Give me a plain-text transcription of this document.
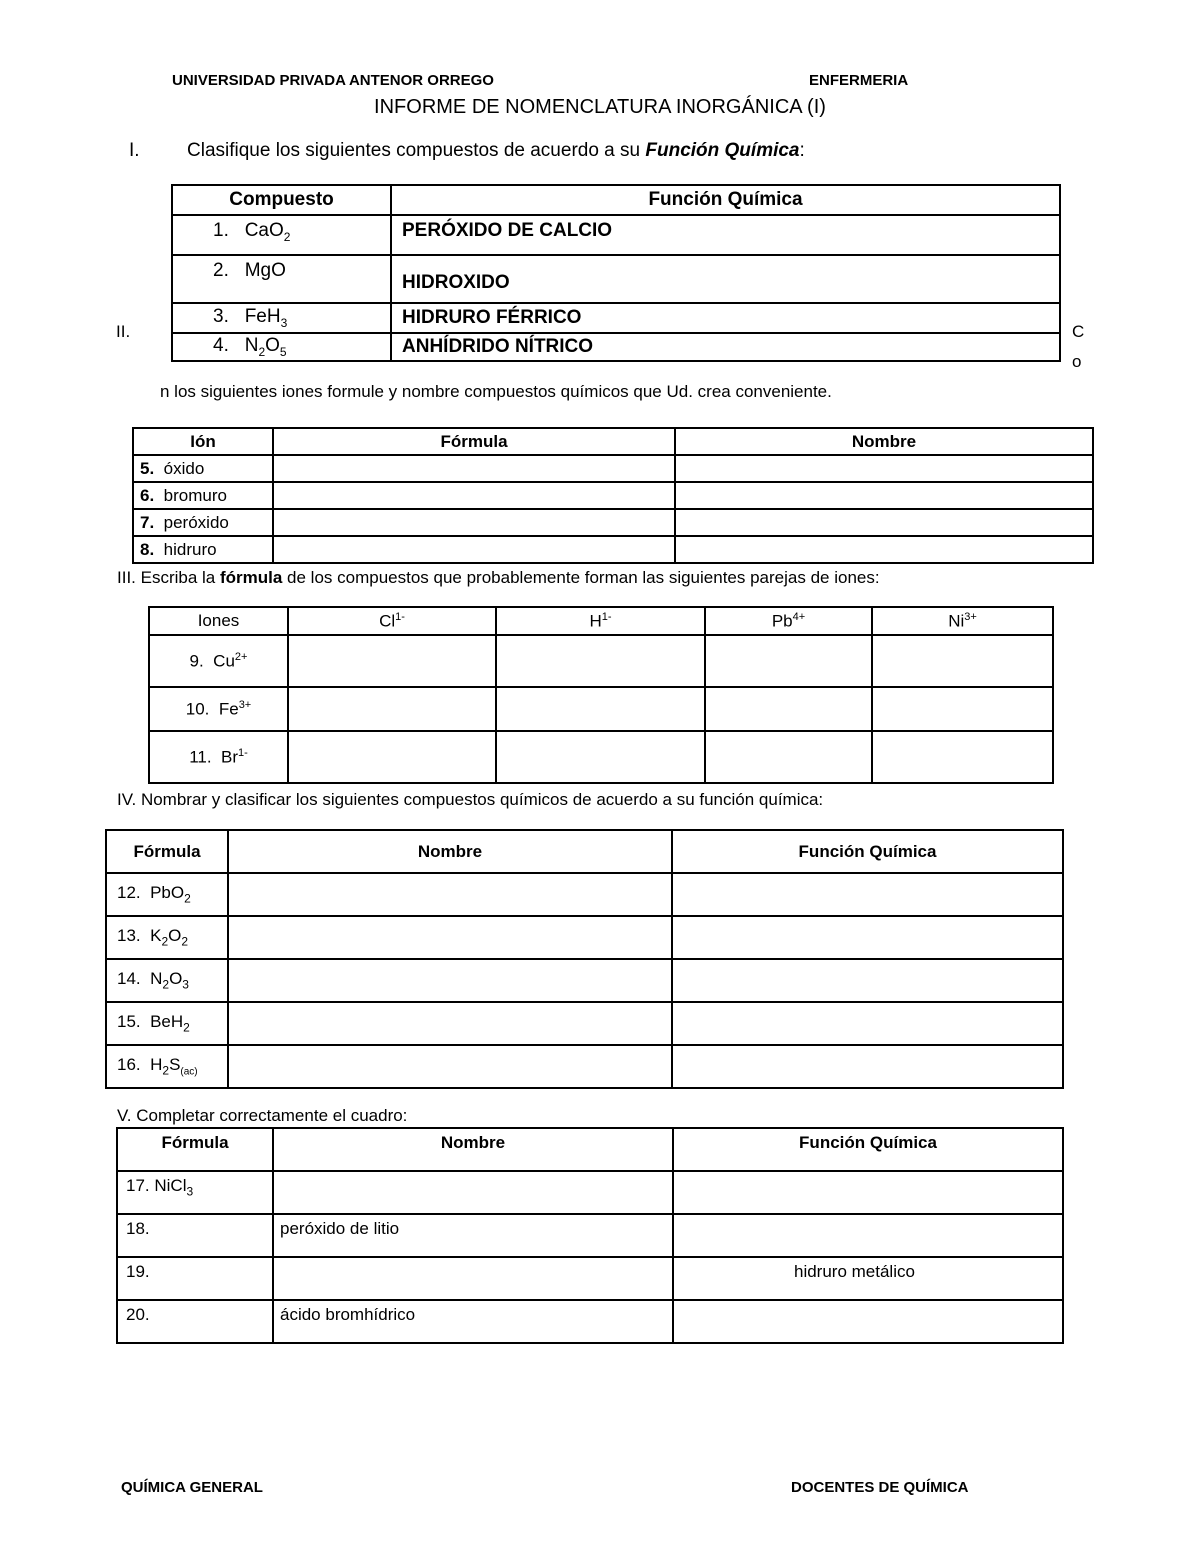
UNIVERSIDAD PRIVADA ANTENOR ORREGO	ENFERMERIA
INFORME DE NOMENCLATURA INORGÁNICA (I)
I. Clasifique los siguientes compuestos de acuerdo a su Función Química:
Compuesto	Función Química
1. CaO$_2$	PERÓXIDO DE CALCIO
2. MgO	HIDROXIDO
3. FeH$_3$	HIDRURO FÉRRICO
4. $N_2O_5$	ANHÍDRIDO NÍTRICO
II.	C
o
n los siguientes iones formule y nombre compuestos químicos que Ud. crea conveniente.
Ión	Fórmula	Nombre
5. óxido		
6. bromuro		
7. peróxido		
8. hidruro		
III. Escriba la fórmula de los compuestos que probablemente forman las siguientes parejas de iones:
Iones	$Cl^{1-}$	$H^{1-}$	$Pb^{4+}$	$Ni^{3+}$
9. $Cu^{2+}$				
10. $Fe^{3+}$				
11. $Br^{1-}$				
IV. Nombrar y clasificar los siguientes compuestos químicos de acuerdo a su función química:
Fórmula	Nombre	Función Química
12. PbO$_2$		
13. $K_2O_2$		
14. $N_2O_3$		
15. BeH$_2$		
16. $H_2S_{(ac)}$		
V. Completar correctamente el cuadro:
Fórmula	Nombre	Función Química
17. NiCl$_3$		
18.	peróxido de litio	
19.		hidruro metálico
20.	ácido bromhídrico	
QUÍMICA GENERAL	DOCENTES DE QUÍMICA
